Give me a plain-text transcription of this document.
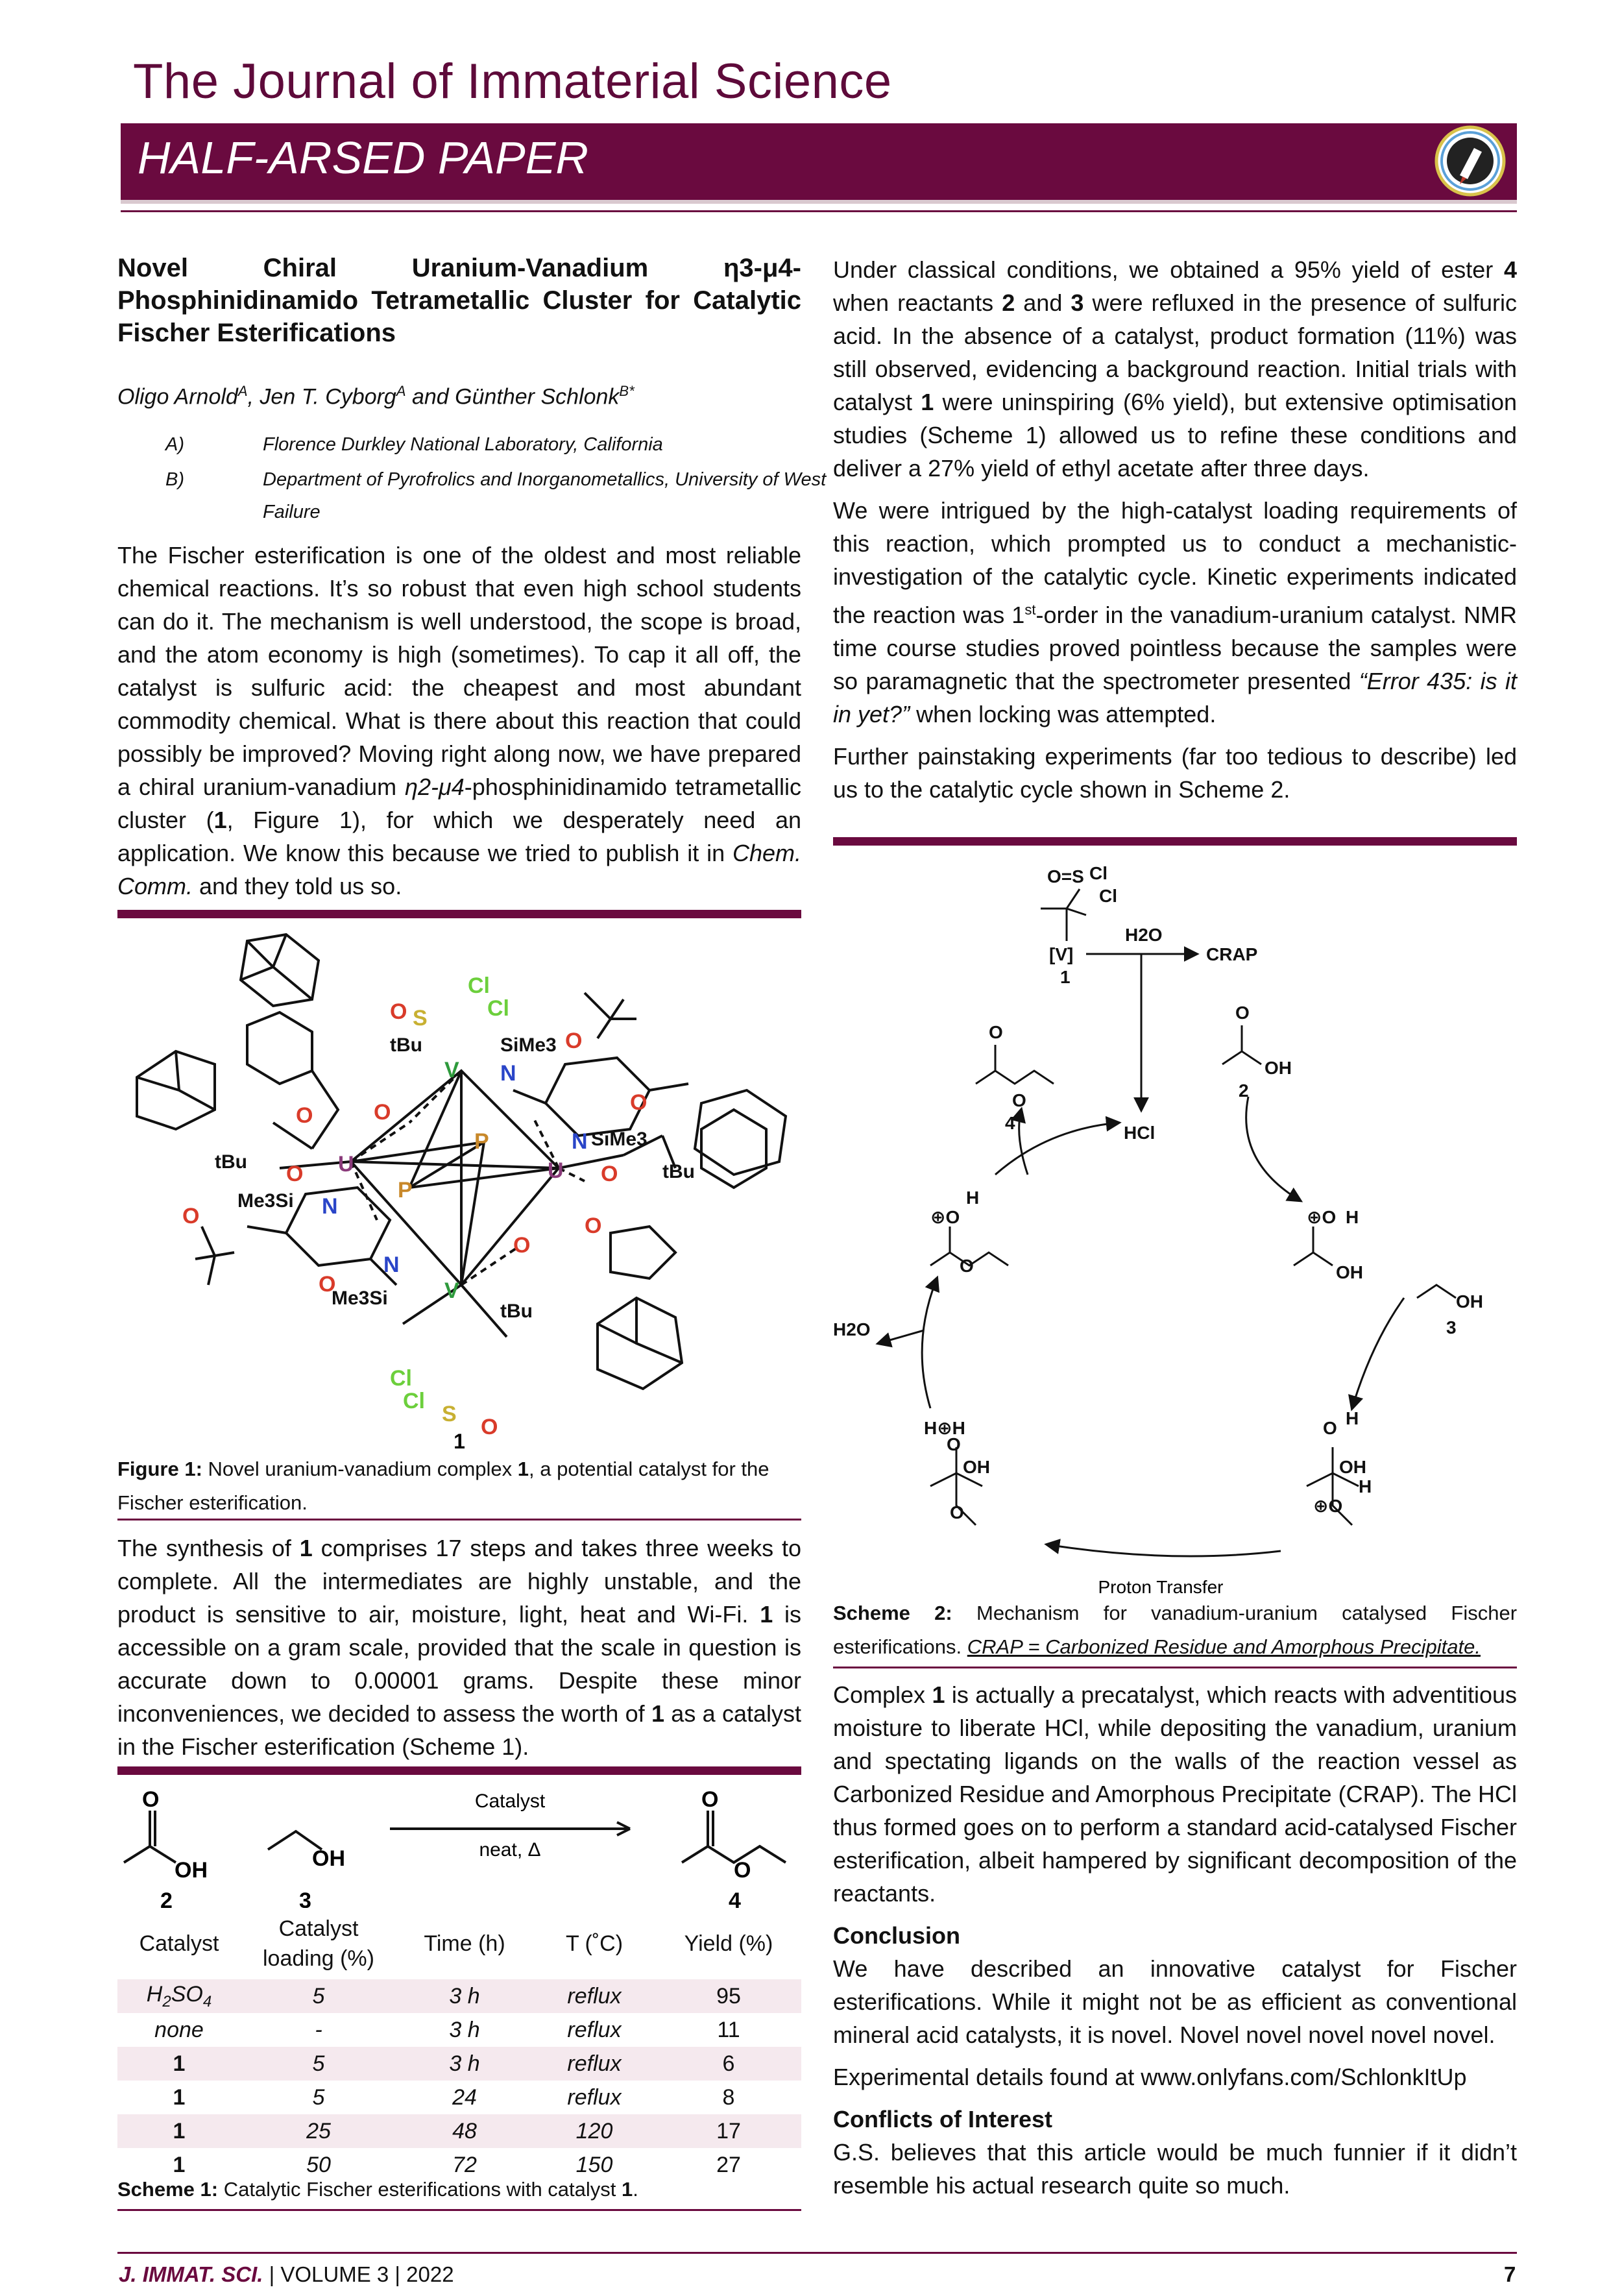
The Journal of Immaterial Science
HALF-ARSED PAPER
Novel Chiral Uranium-Vanadium η3-μ4-Phosphinidinamido Tetrametallic Cluster for Catalytic Fischer Esterifications
Oligo Arnold$^A$, Jen T. Cyborg$^A$ and Günther Schlonk$^{B*}$
A)	Florence Durkley National Laboratory, California
B)	Department of Pyrofrolics and Inorganometallics, University of West Failure

The Fischer esterification is one of the oldest and most reliable chemical reactions. It’s so robust that even high school students can do it. The mechanism is well understood, the scope is broad, and the atom economy is high (sometimes). To cap it all off, the catalyst is sulfuric acid: the cheapest and most abundant commodity chemical. What is there about this reaction that could possibly be improved? Moving right along now, we have prepared a chiral uranium-vanadium η2-μ4-phosphinidinamido tetrametallic cluster (1, Figure 1), for which we desperately need an application. We know this because we tried to publish it in Chem. Comm. and they told us so.

V
V
U	U
P
P
S
S
Cl
Cl
Cl
Cl
O
O
O
O
O	O
O
O
O
O
O
O
N
N
N
N
SiMe3
SiMe3
Me3Si
Me3Si
tBu
tBu	tBu
tBu
1
Figure 1: Novel uranium-vanadium complex 1, a potential catalyst for the Fischer esterification.

The synthesis of 1 comprises 17 steps and takes three weeks to complete. All the intermediates are highly unstable, and the product is sensitive to air, moisture, light, heat and Wi-Fi. 1 is accessible on a gram scale, provided that the scale in question is accurate down to 0.00001 grams. Despite these minor inconveniences, we decided to assess the worth of 1 as a catalyst in the Fischer esterification (Scheme 1).

O
OH	OH
O
O
2	3	4
Catalyst
neat, Δ
Catalyst	Catalyst loading (%)	Time (h)	T (˚C)	Yield (%)
$H_2SO_4$	5	3 h	reflux	95
none	-	3 h	reflux	11
1	5	3 h	reflux	6
1	5	24	reflux	8
1	25	48	120	17
1	50	72	150	27
Scheme 1: Catalytic Fischer esterifications with catalyst 1.

Under classical conditions, we obtained a 95% yield of ester 4 when reactants 2 and 3 were refluxed in the presence of sulfuric acid. In the absence of a catalyst, product formation (11%) was still observed, evidencing a background reaction. Initial trials with catalyst 1 were uninspiring (6% yield), but extensive optimisation studies (Scheme 1) allowed us to refine these conditions and deliver a 27% yield of ethyl acetate after three days.

We were intrigued by the high-catalyst loading requirements of this reaction, which prompted us to conduct a mechanistic-investigation of the catalytic cycle. Kinetic experiments indicated the reaction was 1st-order in the vanadium-uranium catalyst. NMR time course studies proved pointless because the samples were so paramagnetic that the spectrometer presented “Error 435: is it in yet?” when locking was attempted.

Further painstaking experiments (far too tedious to describe) led us to the catalytic cycle shown in Scheme 2.

O=S Cl
Cl
[V]
1
H2O
CRAP
HCl
O
O
4
O
OH
2
⊕O H
OH
OH
3
⊕O
H
O
H2O
H⊕H
O
OH
O
O H
OH
⊕O
H
Proton Transfer
Scheme 2: Mechanism for vanadium-uranium catalysed Fischer esterifications. CRAP = Carbonized Residue and Amorphous Precipitate.

Complex 1 is actually a precatalyst, which reacts with adventitious moisture to liberate HCl, while depositing the vanadium, uranium and spectating ligands on the walls of the reaction vessel as Carbonized Residue and Amorphous Precipitate (CRAP). The HCl thus formed goes on to perform a standard acid-catalysed Fischer esterification, albeit hampered by significant decomposition of the reactants.

Conclusion

We have described an innovative catalyst for Fischer esterifications. While it might not be as efficient as conventional mineral acid catalysts, it is novel. Novel novel novel novel novel.

Experimental details found at www.onlyfans.com/SchlonkItUp

Conflicts of Interest

G.S. believes that this article would be much funnier if it didn’t resemble his actual research quite so much.

J. IMMAT. SCI. | VOLUME 3 | 2022	7
